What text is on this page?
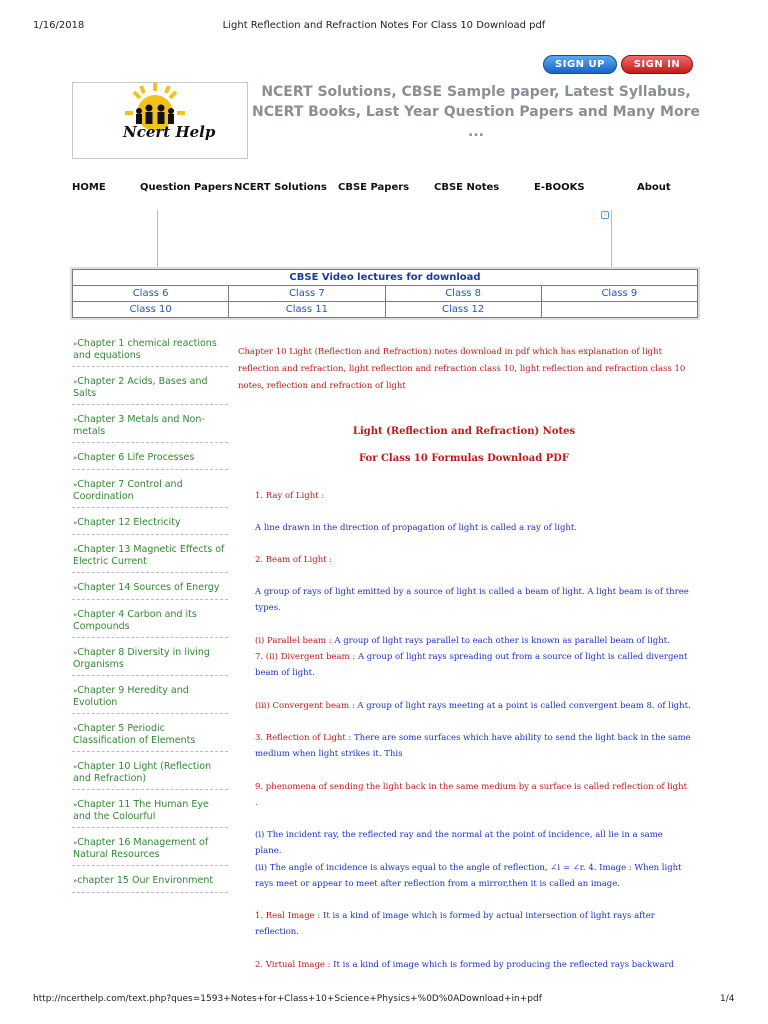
1/16/2018	Light Reflection and Refraction Notes For Class 10 Download pdf
SIGN UP	SIGN IN
Ncert Help
NCERT Solutions, CBSE Sample paper, Latest Syllabus, NCERT Books, Last Year Question Papers and Many More ...
HOME	Question Papers NCERT Solutions CBSE Papers CBSE Notes	E-BOOKS	About
i
CBSE Video lectures for download			
Class 6	Class 7	Class 8	Class 9
Class 10	Class 11	Class 12	
»Chapter 1 chemical reactions and equations
»Chapter 2 Acids, Bases and Salts
»Chapter 3 Metals and Non-metals
»Chapter 6 Life Processes
»Chapter 7 Control and Coordination
»Chapter 12 Electricity
»Chapter 13 Magnetic Effects of Electric Current
»Chapter 14 Sources of Energy
»Chapter 4 Carbon and its Compounds
»Chapter 8 Diversity in living Organisms
»Chapter 9 Heredity and Evolution
»Chapter 5 Periodic Classification of Elements
»Chapter 10 Light (Reflection and Refraction)
»Chapter 11 The Human Eye and the Colourful
»Chapter 16 Management of Natural Resources
»chapter 15 Our Environment
Chapter 10 Light (Reflection and Refraction) notes download in pdf which has explanation of light reflection and refraction, light reflection and refraction class 10, light reflection and refraction class 10 notes, reflection and refraction of light
Light (Reflection and Refraction) Notes
For Class 10 Formulas Download PDF
1. Ray of Light :
A line drawn in the direction of propagation of light is called a ray of light.
2. Beam of Light :
A group of rays of light emitted by a source of light is called a beam of light. A light beam is of three types.
(i) Parallel beam : A group of light rays parallel to each other is known as parallel beam of light.
7. (ii) Divergent beam : A group of light rays spreading out from a source of light is called divergent beam of light.
(iii) Convergent beam : A group of light rays meeting at a point is called convergent beam 8. of light.
3. Reflection of Light : There are some surfaces which have ability to send the light back in the same medium when light strikes it. This
9. phenomena of sending the light back in the same medium by a surface is called reflection of light
.
(i) The incident ray, the reflected ray and the normal at the point of incidence, all lie in a same plane.
(ii) The angle of incidence is always equal to the angle of reflection, ∠i = ∠r. 4. Image : When light rays meet or appear to meet after reflection from a mirror,then it is called an image.
1. Real Image : It is a kind of image which is formed by actual intersection of light rays after reflection.
2. Virtual Image : It is a kind of image which is formed by producing the reflected rays backward
http://ncerthelp.com/text.php?ques=1593+Notes+for+Class+10+Science+Physics+%0D%0ADownload+in+pdf	1/4
